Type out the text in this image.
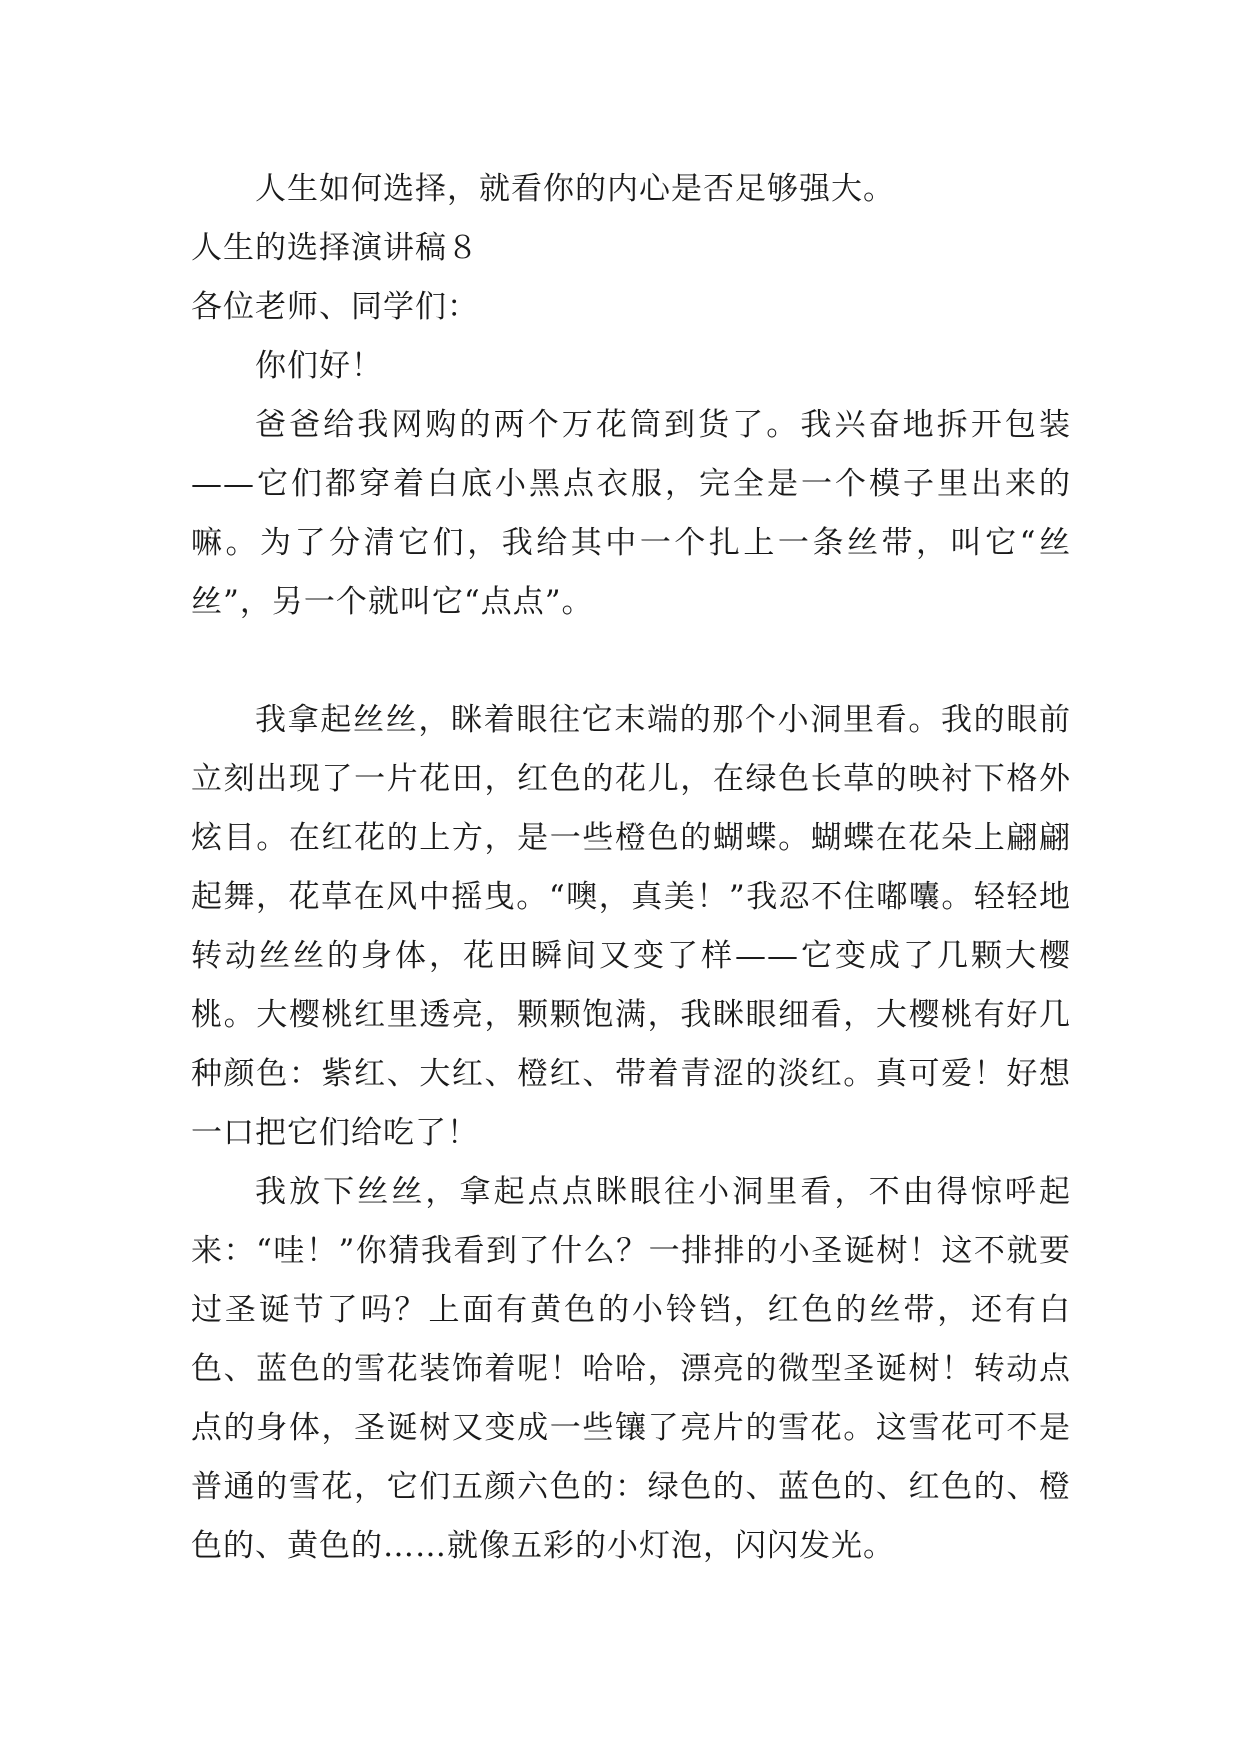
人生如何选择，就看你的内心是否足够强大。

人生的选择演讲稿８

各位老师、同学们：

你们好！

爸爸给我网购的两个万花筒到货了。我兴奋地拆开包装——它们都穿着白底小黑点衣服，完全是一个模子里出来的嘛。为了分清它们，我给其中一个扎上一条丝带，叫它“丝丝”，另一个就叫它“点点”。

我拿起丝丝，眯着眼往它末端的那个小洞里看。我的眼前立刻出现了一片花田，红色的花儿，在绿色长草的映衬下格外炫目。在红花的上方，是一些橙色的蝴蝶。蝴蝶在花朵上翩翩起舞，花草在风中摇曳。“噢，真美！”我忍不住嘟囔。轻轻地转动丝丝的身体，花田瞬间又变了样——它变成了几颗大樱桃。大樱桃红里透亮，颗颗饱满，我眯眼细看，大樱桃有好几种颜色：紫红、大红、橙红、带着青涩的淡红。真可爱！好想一口把它们给吃了！

我放下丝丝，拿起点点眯眼往小洞里看，不由得惊呼起来：“哇！”你猜我看到了什么？一排排的小圣诞树！这不就要过圣诞节了吗？上面有黄色的小铃铛，红色的丝带，还有白色、蓝色的雪花装饰着呢！哈哈，漂亮的微型圣诞树！转动点点的身体，圣诞树又变成一些镶了亮片的雪花。这雪花可不是普通的雪花，它们五颜六色的：绿色的、蓝色的、红色的、橙色的、黄色的……就像五彩的小灯泡，闪闪发光。
